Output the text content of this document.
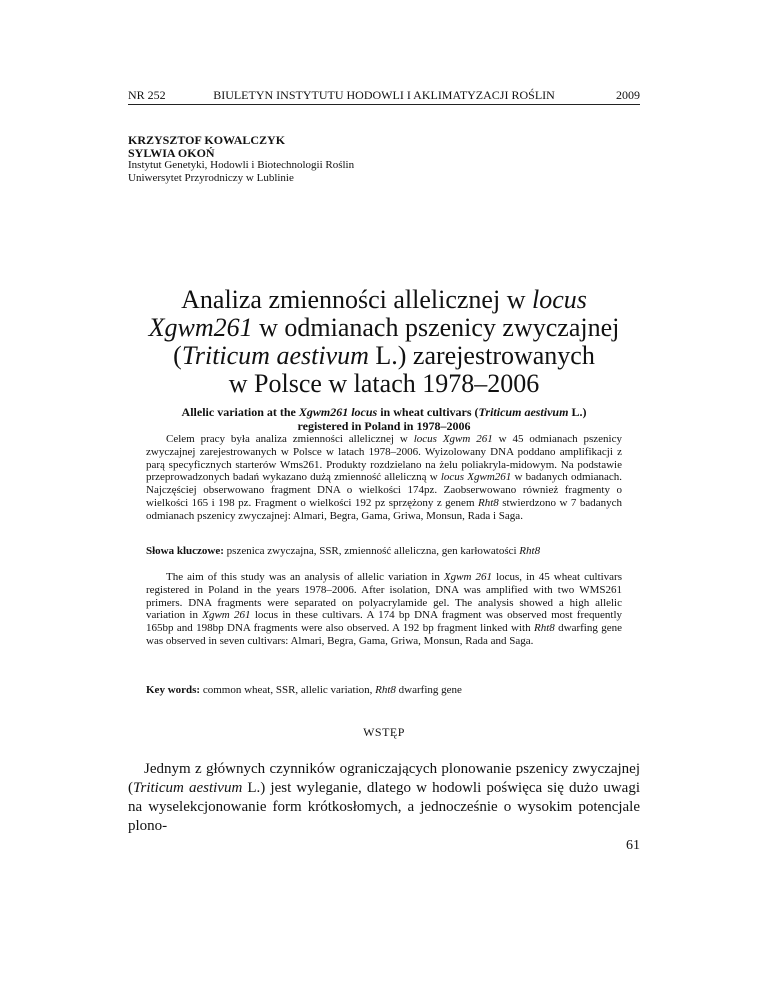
NR 252	BIULETYN INSTYTUTU HODOWLI I AKLIMATYZACJI ROŚLIN	2009
KRZYSZTOF KOWALCZYK
SYLWIA OKOŃ
Instytut Genetyki, Hodowli i Biotechnologii Roślin
Uniwersytet Przyrodniczy w Lublinie
Analiza zmienności allelicznej w locus
Xgwm261 w odmianach pszenicy zwyczajnej
(Triticum aestivum L.) zarejestrowanych
w Polsce w latach 1978–2006
Allelic variation at the Xgwm261 locus in wheat cultivars (Triticum aestivum L.)
registered in Poland in 1978–2006

Celem pracy była analiza zmienności allelicznej w locus Xgwm 261 w 45 odmianach pszenicy zwyczajnej zarejestrowanych w Polsce w latach 1978–2006. Wyizolowany DNA poddano amplifikacji z parą specyficznych starterów Wms261. Produkty rozdzielano na żelu poliakryla-midowym. Na podstawie przeprowadzonych badań wykazano dużą zmienność alleliczną w locus Xgwm261 w badanych odmianach. Najczęściej obserwowano fragment DNA o wielkości 174pz. Zaobserwowano również fragmenty o wielkości 165 i 198 pz. Fragment o wielkości 192 pz sprzężony z genem Rht8 stwierdzono w 7 badanych odmianach pszenicy zwyczajnej: Almari, Begra, Gama, Griwa, Monsun, Rada i Saga.

Słowa kluczowe: pszenica zwyczajna, SSR, zmienność alleliczna, gen karłowatości Rht8

The aim of this study was an analysis of allelic variation in Xgwm 261 locus, in 45 wheat cultivars registered in Poland in the years 1978–2006. After isolation, DNA was amplified with two WMS261 primers. DNA fragments were separated on polyacrylamide gel. The analysis showed a high allelic variation in Xgwm 261 locus in these cultivars. A 174 bp DNA fragment was observed most frequently 165bp and 198bp DNA fragments were also observed. A 192 bp fragment linked with Rht8 dwarfing gene was observed in seven cultivars: Almari, Begra, Gama, Griwa, Monsun, Rada and Saga.

Key words: common wheat, SSR, allelic variation, Rht8 dwarfing gene

WSTĘP

Jednym z głównych czynników ograniczających plonowanie pszenicy zwyczajnej (Triticum aestivum L.) jest wyleganie, dlatego w hodowli poświęca się dużo uwagi na wyselekcjonowanie form krótkosłomych, a jednocześnie o wysokim potencjale plono-

61
